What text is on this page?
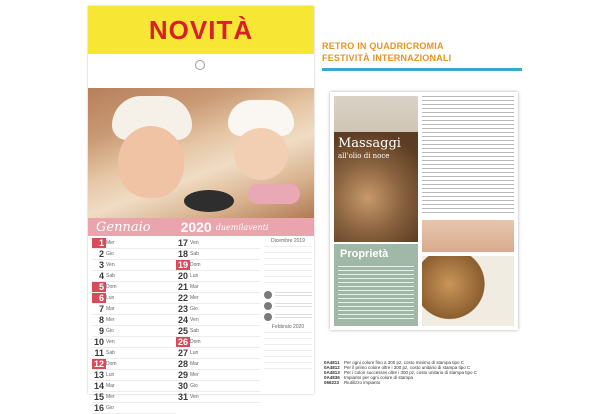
NOVITÀ
Gennaio 2020 duemilaventi
1 Mer
2 Gio
3 Ven
4 Sab
5 Dom
6 Lun
7 Mar
8 Mer
9 Gio
10 Ven
11 Sab
12 Dom
13 Lun
14 Mar
15 Mer
16 Gio
17 Ven
18 Sab
19 Dom
20 Lun
21 Mar
22 Mer
23 Gio
24 Ven
25 Sab
26 Dom
27 Lun
28 Mar
29 Mer
30 Gio
31 Ven
Dicembre 2019
Febbraio 2020
RETRO IN QUADRICROMIA
FESTIVITÀ INTERNAZIONALI
Massaggi
all'olio di noce
Proprietà
0A4811 Per ogni colore fino a 300 pz, costo minimo di stampa tipo C
0A4812 Per il primo colore oltre i 300 pz, costo unitario di stampa tipo C
0A4813 Per i colori successivi oltre i 300 pz, costo unitario di stampa tipo C
0A4836 Impianto per ogni colore di stampa
066223	Riutilizzo impianto
